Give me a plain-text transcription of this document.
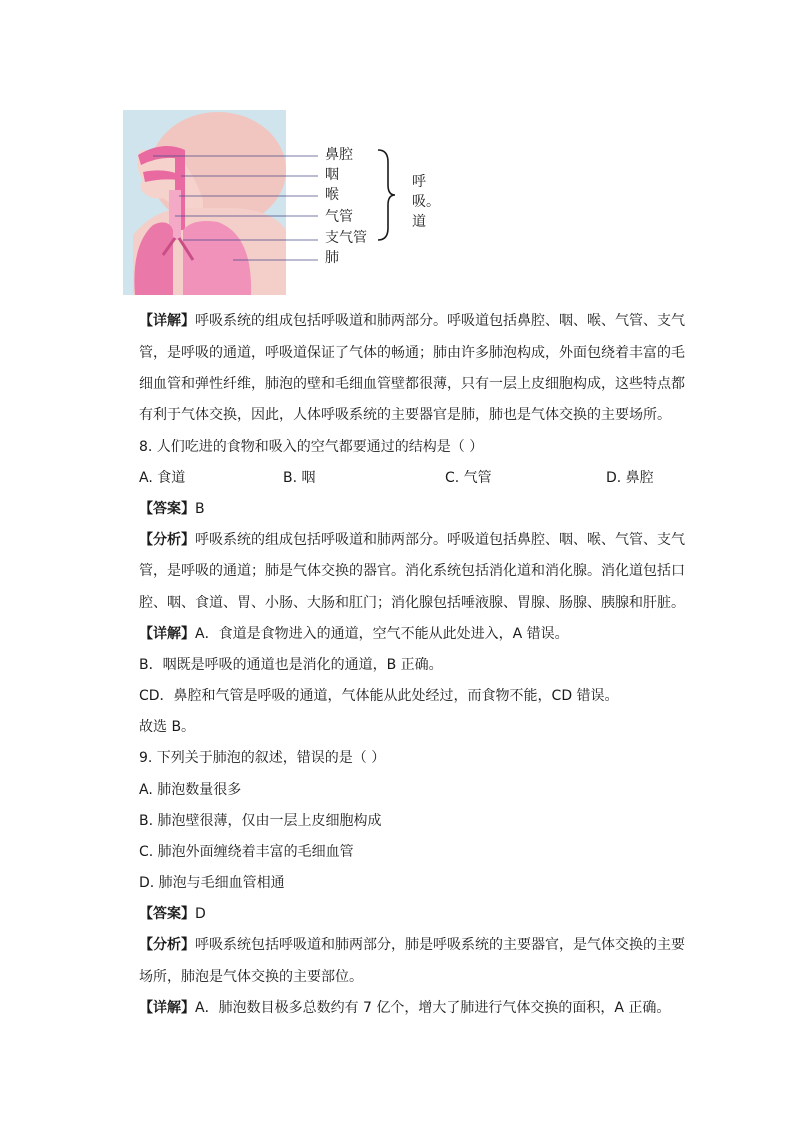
鼻腔
咽
喉
气管
支气管
肺
呼
吸。
道
【详解】呼吸系统的组成包括呼吸道和肺两部分。呼吸道包括鼻腔、咽、喉、气管、支气
管，是呼吸的通道，呼吸道保证了气体的畅通；肺由许多肺泡构成，外面包绕着丰富的毛
细血管和弹性纤维，肺泡的壁和毛细血管壁都很薄，只有一层上皮细胞构成，这些特点都
有利于气体交换，因此，人体呼吸系统的主要器官是肺，肺也是气体交换的主要场所。
8. 人们吃进的食物和吸入的空气都要通过的结构是（ ）
A. 食道	B. 咽	C. 气管	D. 鼻腔
【答案】B
【分析】呼吸系统的组成包括呼吸道和肺两部分。呼吸道包括鼻腔、咽、喉、气管、支气
管，是呼吸的通道；肺是气体交换的器官。消化系统包括消化道和消化腺。消化道包括口
腔、咽、食道、胃、小肠、大肠和肛门；消化腺包括唾液腺、胃腺、肠腺、胰腺和肝脏。
【详解】A．食道是食物进入的通道，空气不能从此处进入，A 错误。
B．咽既是呼吸的通道也是消化的通道，B 正确。
CD．鼻腔和气管是呼吸的通道，气体能从此处经过，而食物不能，CD 错误。
故选 B。
9. 下列关于肺泡的叙述，错误的是（ ）
A. 肺泡数量很多
B. 肺泡壁很薄，仅由一层上皮细胞构成
C. 肺泡外面缠绕着丰富的毛细血管
D. 肺泡与毛细血管相通
【答案】D
【分析】呼吸系统包括呼吸道和肺两部分，肺是呼吸系统的主要器官，是气体交换的主要
场所，肺泡是气体交换的主要部位。
【详解】A．肺泡数目极多总数约有 7 亿个，增大了肺进行气体交换的面积，A 正确。
